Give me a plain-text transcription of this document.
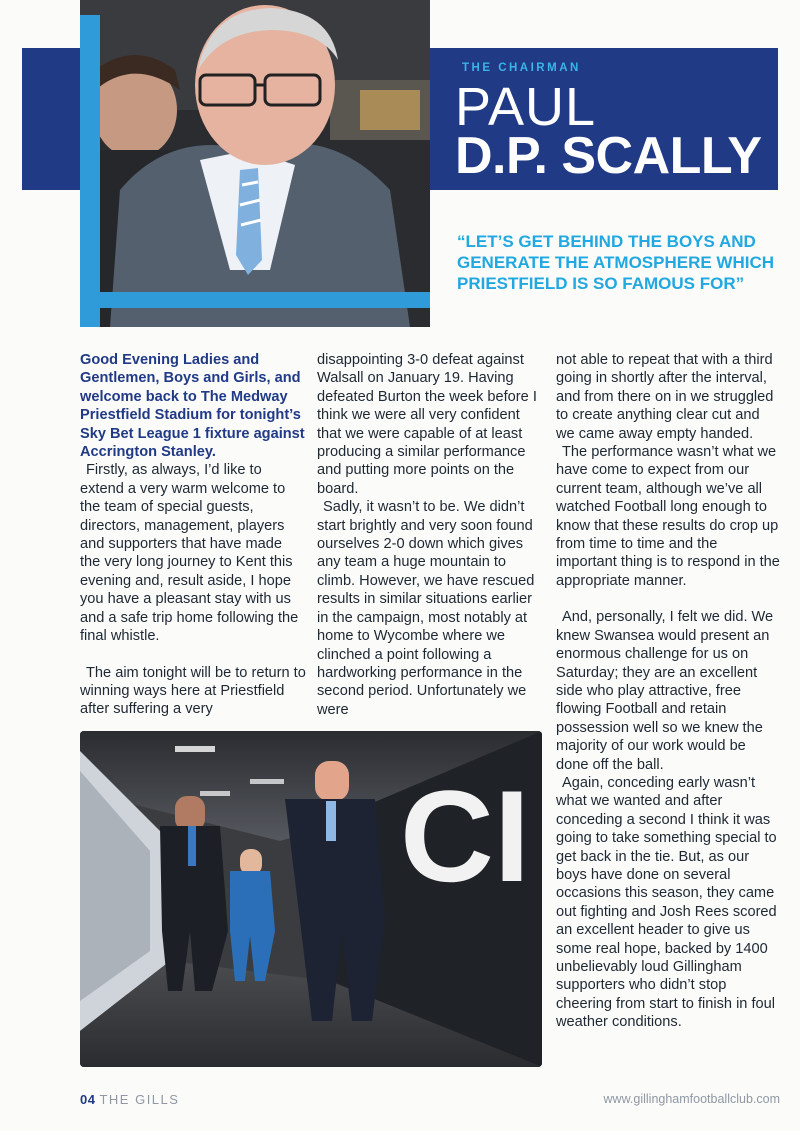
THE CHAIRMAN
PAUL
D.P. SCALLY
“LET’S GET BEHIND THE BOYS AND GENERATE THE ATMOSPHERE WHICH PRIESTFIELD IS SO FAMOUS FOR”

Good Evening Ladies and Gentlemen, Boys and Girls, and welcome back to The Medway Priestfield Stadium for tonight’s Sky Bet League 1 fixture against Accrington Stanley.

Firstly, as always, I’d like to extend a very warm welcome to the team of special guests, directors, management, players and supporters that have made the very long journey to Kent this evening and, result aside, I hope you have a pleasant stay with us and a safe trip home following the final whistle.

The aim tonight will be to return to winning ways here at Priestfield after suffering a very

disappointing 3-0 defeat against Walsall on January 19. Having defeated Burton the week before I think we were all very confident that we were capable of at least producing a similar performance and putting more points on the board.

Sadly, it wasn’t to be. We didn’t start brightly and very soon found ourselves 2-0 down which gives any team a huge mountain to climb. However, we have rescued results in similar situations earlier in the campaign, most notably at home to Wycombe where we clinched a point following a hardworking performance in the second period. Unfortunately we were

not able to repeat that with a third going in shortly after the interval, and from there on in we struggled to create anything clear cut and we came away empty handed.

The performance wasn’t what we have come to expect from our current team, although we’ve all watched Football long enough to know that these results do crop up from time to time and the important thing is to respond in the appropriate manner.

And, personally, I felt we did. We knew Swansea would present an enormous challenge for us on Saturday; they are an excellent side who play attractive, free flowing Football and retain possession well so we knew the majority of our work would be done off the ball.

Again, conceding early wasn’t what we wanted and after conceding a second I think it was going to take something special to get back in the tie. But, as our boys have done on several occasions this season, they came out fighting and Josh Rees scored an excellent header to give us some real hope, backed by 1400 unbelievably loud Gillingham supporters who didn’t stop cheering from start to finish in foul weather conditions.

CI
04 THE GILLS	www.gillinghamfootballclub.com
